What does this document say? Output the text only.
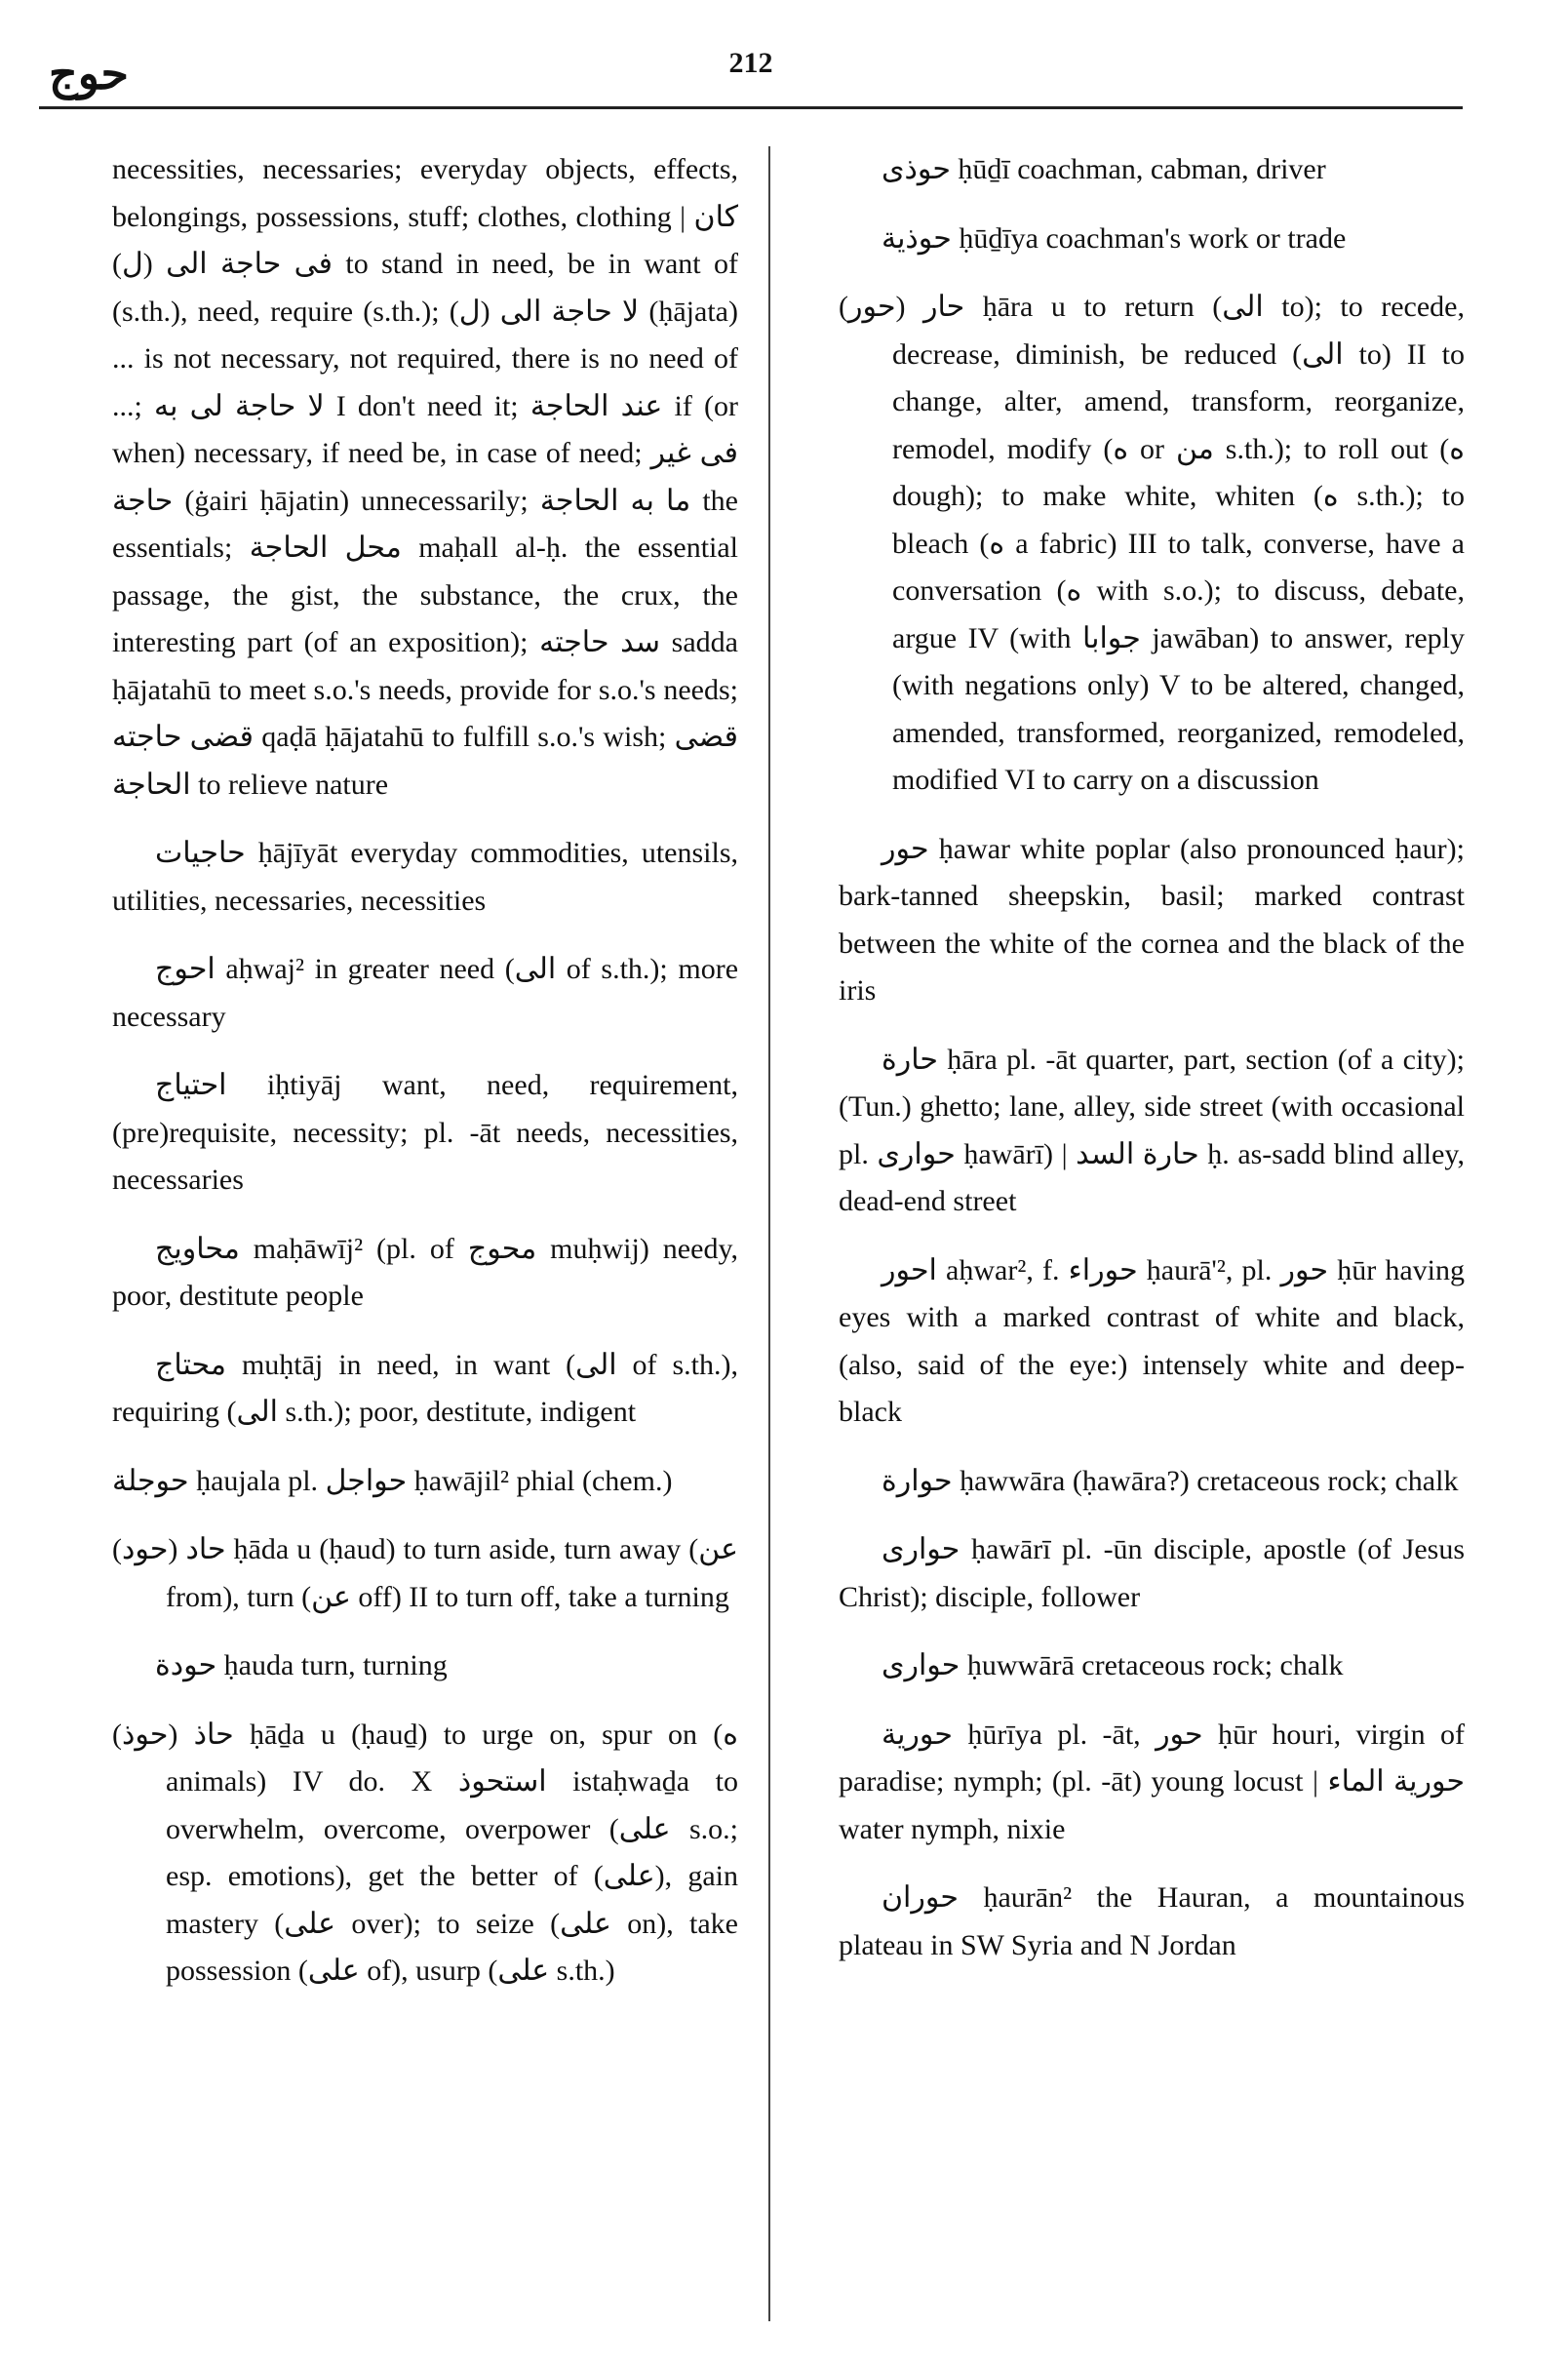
حوج	212

necessities, necessaries; everyday objects, effects, belongings, possessions, stuff; clothes, clothing | كان فى حاجة الى (ل) to stand in need, be in want of (s.th.), need, require (s.th.); لا حاجة الى (ل) (ḥājata) ... is not necessary, not required, there is no need of ...; لا حاجة لى به I don't need it; عند الحاجة if (or when) necessary, if need be, in case of need; فى غير حاجة (ġairi ḥājatin) unnecessarily; ما به الحاجة the essentials; محل الحاجة maḥall al-ḥ. the essential passage, the gist, the substance, the crux, the interesting part (of an exposition); سد حاجته sadda ḥājatahū to meet s.o.'s needs, provide for s.o.'s needs; قضى حاجته qaḍā ḥājatahū to fulfill s.o.'s wish; قضى الحاجة to relieve nature

حاجيات ḥājīyāt everyday commodities, utensils, utilities, necessaries, necessities

احوج aḥwaj² in greater need (الى of s.th.); more necessary

احتياج iḥtiyāj want, need, requirement, (pre)requisite, necessity; pl. -āt needs, necessities, necessaries

محاويج maḥāwīj² (pl. of محوج muḥwij) needy, poor, destitute people

محتاج muḥtāj in need, in want (الى of s.th.), requiring (الى s.th.); poor, destitute, indigent

حوجلة ḥaujala pl. حواجل ḥawājil² phial (chem.)

(حود) حاد ḥāda u (ḥaud) to turn aside, turn away (عن from), turn (عن off) II to turn off, take a turning

حودة ḥauda turn, turning

(حوذ) حاذ ḥāḏa u (ḥauḏ) to urge on, spur on (ه animals) IV do. X استحوذ istaḥwaḏa to overwhelm, overcome, overpower (على s.o.; esp. emotions), get the better of (على), gain mastery (على over); to seize (على on), take possession (على of), usurp (على s.th.)

حوذى ḥūḏī coachman, cabman, driver

حوذية ḥūḏīya coachman's work or trade

(حور) حار ḥāra u to return (الى to); to recede, decrease, diminish, be reduced (الى to) II to change, alter, amend, transform, reorganize, remodel, modify (ه or من s.th.); to roll out (ه dough); to make white, whiten (ه s.th.); to bleach (ه a fabric) III to talk, converse, have a conversation (ه with s.o.); to discuss, debate, argue IV (with جوابا jawāban) to answer, reply (with negations only) V to be altered, changed, amended, transformed, reorganized, remodeled, modified VI to carry on a discussion

حور ḥawar white poplar (also pronounced ḥaur); bark-tanned sheepskin, basil; marked contrast between the white of the cornea and the black of the iris

حارة ḥāra pl. -āt quarter, part, section (of a city); (Tun.) ghetto; lane, alley, side street (with occasional pl. حوارى ḥawārī) | حارة السد ḥ. as-sadd blind alley, dead-end street

احور aḥwar², f. حوراء ḥaurā'², pl. حور ḥūr having eyes with a marked contrast of white and black, (also, said of the eye:) intensely white and deep-black

حوارة ḥawwāra (ḥawāra?) cretaceous rock; chalk

حوارى ḥawārī pl. -ūn disciple, apostle (of Jesus Christ); disciple, follower

حوارى ḥuwwārā cretaceous rock; chalk

حورية ḥūrīya pl. -āt, حور ḥūr houri, virgin of paradise; nymph; (pl. -āt) young locust | حورية الماء water nymph, nixie

حوران ḥaurān² the Hauran, a mountainous plateau in SW Syria and N Jordan
